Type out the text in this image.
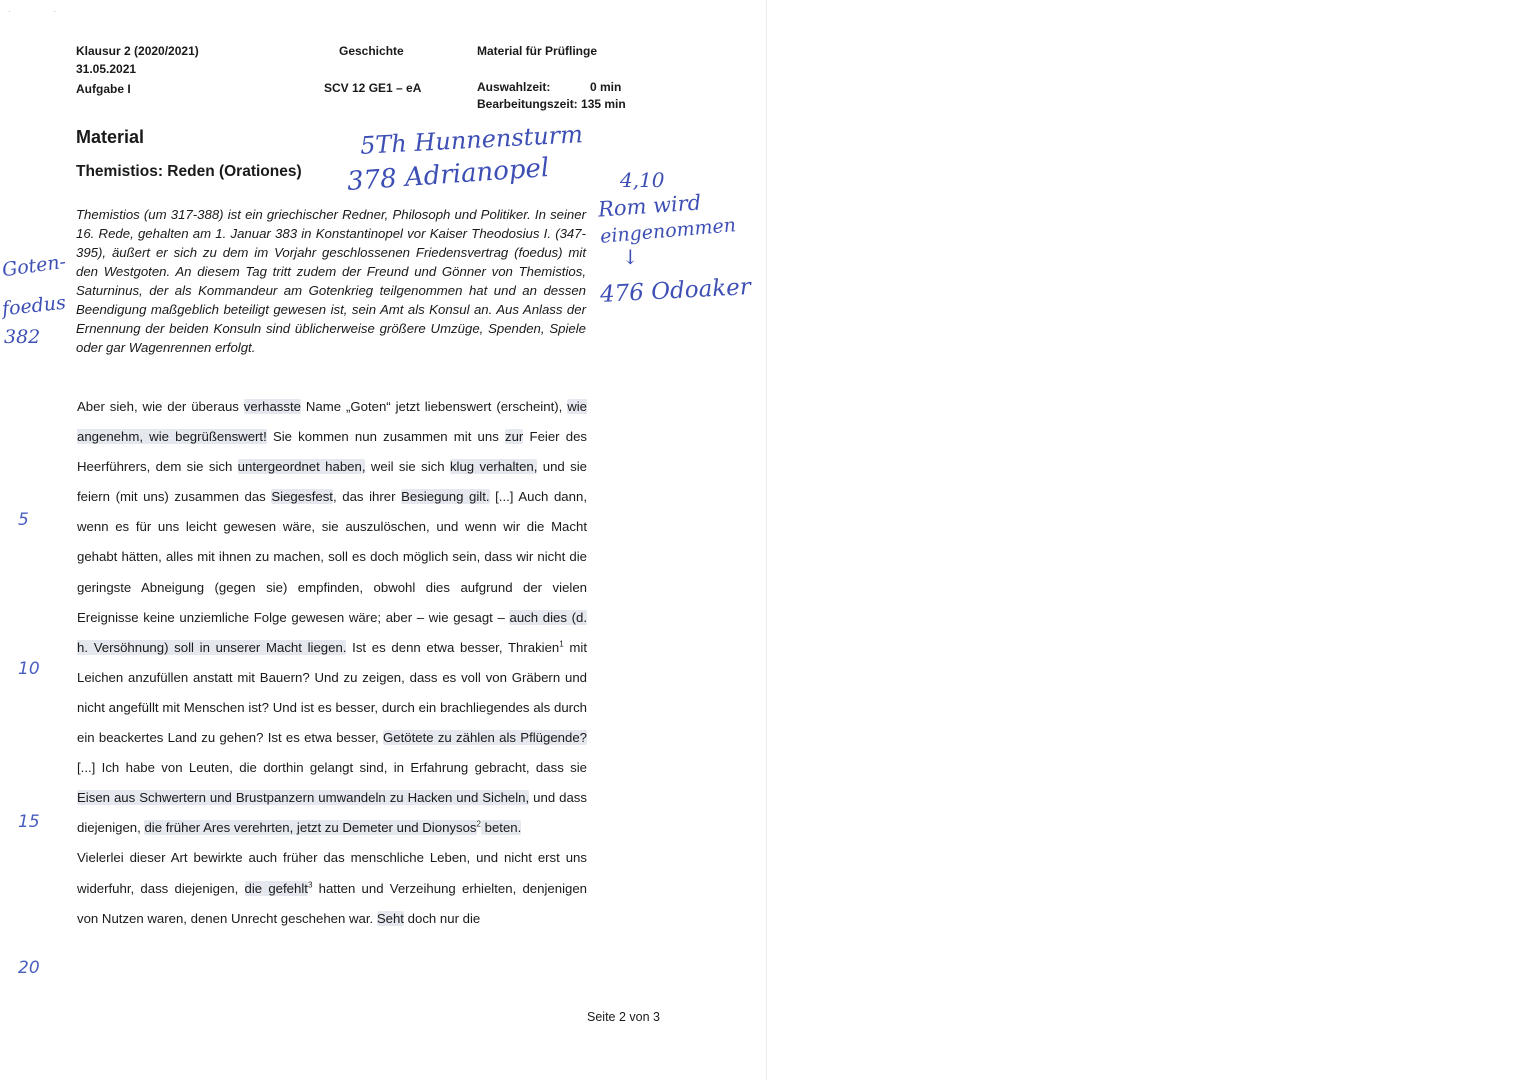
· ·
Klausur 2 (2020/2021)
31.05.2021
Aufgabe I
Geschichte
SCV 12 GE1 – eA
Material für Prüflinge
Auswahlzeit:	0 min
Bearbeitungszeit: 135 min
Material
Themistios: Reden (Orationes)
Themistios (um 317-388) ist ein griechischer Redner, Philosoph und Politiker. In seiner 16. Rede, gehalten am 1. Januar 383 in Konstantinopel vor Kaiser Theodosius I. (347-395), äußert er sich zu dem im Vorjahr geschlossenen Friedensvertrag (foedus) mit den Westgoten. An diesem Tag tritt zudem der Freund und Gönner von Themistios, Saturninus, der als Kommandeur am Gotenkrieg teilgenommen hat und an dessen Beendigung maßgeblich beteiligt gewesen ist, sein Amt als Konsul an. Aus Anlass der Ernennung der beiden Konsuln sind üblicherweise größere Umzüge, Spenden, Spiele oder gar Wagenrennen erfolgt.

Aber sieh, wie der überaus verhasste Name „Goten“ jetzt liebenswert (erscheint), wie angenehm, wie begrüßenswert! Sie kommen nun zusammen mit uns zur Feier des Heerführers, dem sie sich untergeordnet haben, weil sie sich klug verhalten, und sie feiern (mit uns) zusammen das Siegesfest, das ihrer Besiegung gilt. [...] Auch dann, wenn es für uns leicht gewesen wäre, sie auszulöschen, und wenn wir die Macht gehabt hätten, alles mit ihnen zu machen, soll es doch möglich sein, dass wir nicht die geringste Abneigung (gegen sie) empfinden, obwohl dies aufgrund der vielen Ereignisse keine unziemliche Folge gewesen wäre; aber – wie gesagt – auch dies (d. h. Versöhnung) soll in unserer Macht liegen. Ist es denn etwa besser, Thrakien$^1$ mit Leichen anzufüllen anstatt mit Bauern? Und zu zeigen, dass es voll von Gräbern und nicht angefüllt mit Menschen ist? Und ist es besser, durch ein brachliegendes als durch ein beackertes Land zu gehen? Ist es etwa besser, Getötete zu zählen als Pflügende? [...] Ich habe von Leuten, die dorthin gelangt sind, in Erfahrung gebracht, dass sie Eisen aus Schwertern und Brustpanzern umwandeln zu Hacken und Sicheln, und dass diejenigen, die früher Ares verehrten, jetzt zu Demeter und Dionysos$^2$ beten.

Vielerlei dieser Art bewirkte auch früher das menschliche Leben, und nicht erst uns widerfuhr, dass diejenigen, die gefehlt$^3$ hatten und Verzeihung erhielten, denjenigen von Nutzen waren, denen Unrecht geschehen war. Seht doch nur die

Seite 2 von 3
5Th Hunnensturm
378 Adrianopel	4,10
Rom wird
eingenommen
↓
476 Odoaker
Goten-
foedus
382
5
10
15
20
